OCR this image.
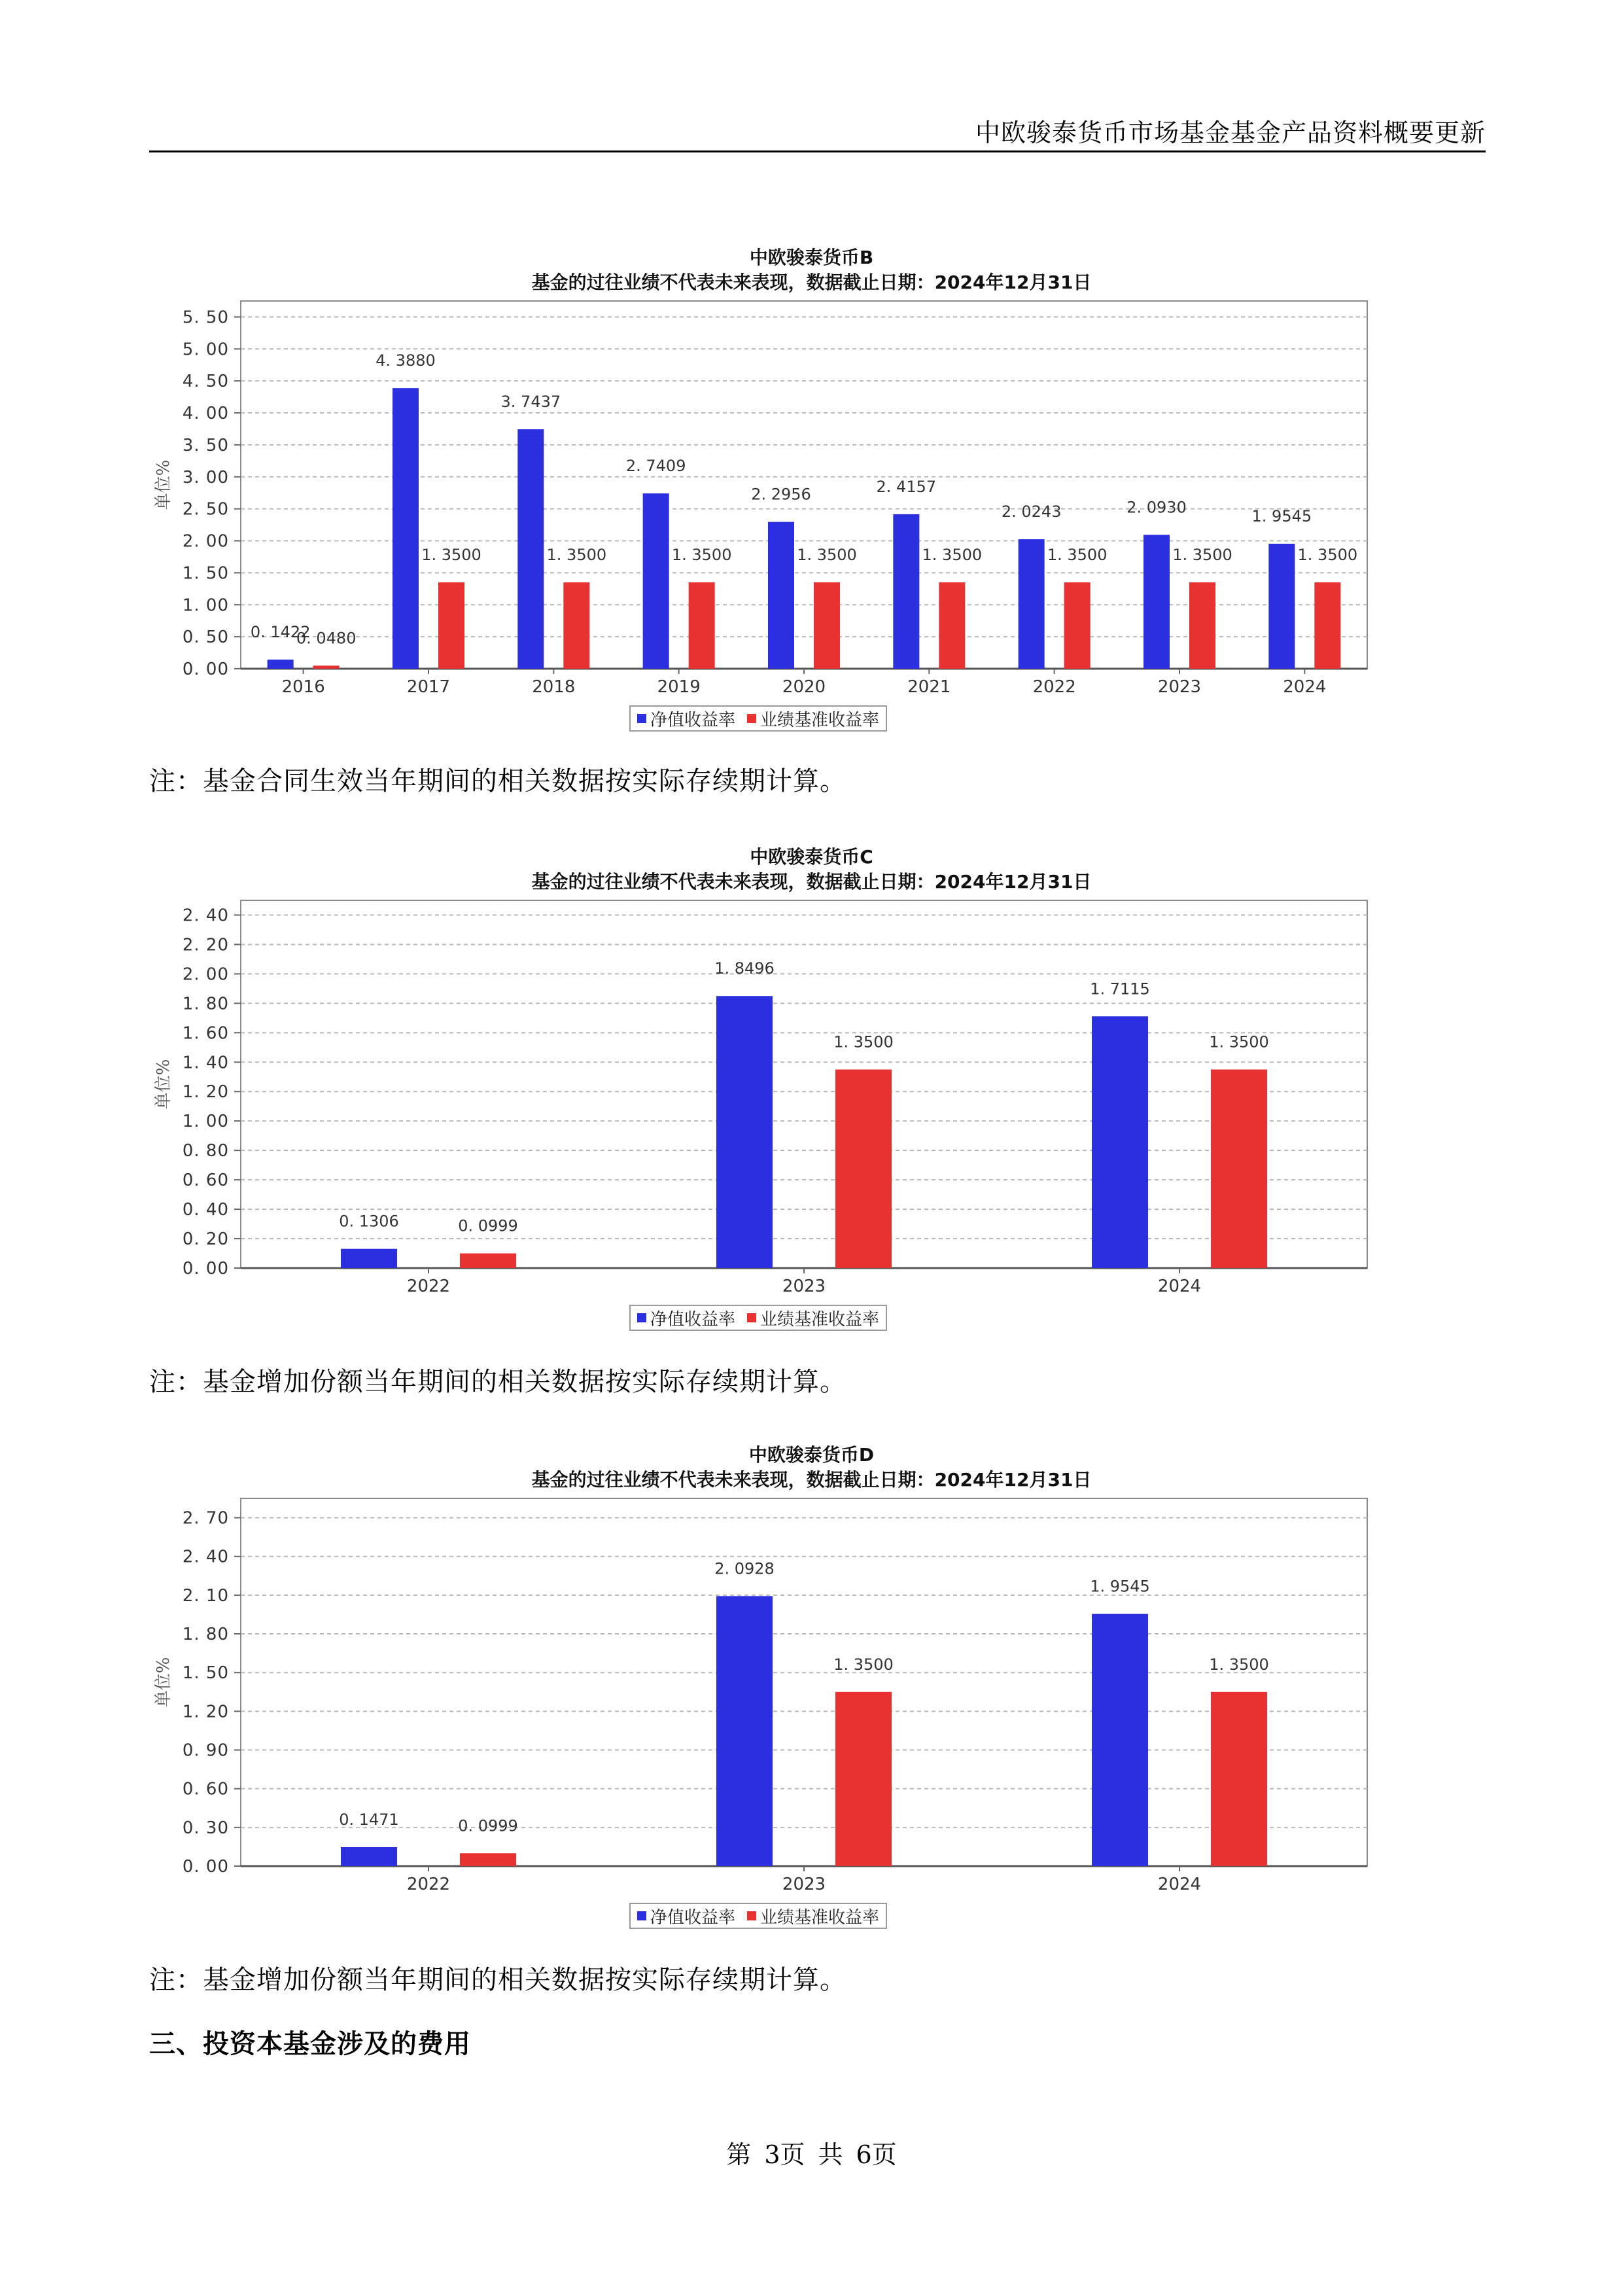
中欧骏泰货币市场基金基金产品资料概要更新
中欧骏泰货币B
基金的过往业绩不代表未来表现，数据截止日期：2024年12月31日
0. 00
0. 50
1. 00
1. 50
2. 00
2. 50
3. 00
3. 50
4. 00
4. 50
5. 00
5. 50
单位%
0. 1422
0. 0480
2016
4. 3880
1. 3500
2017
3. 7437
1. 3500
2018
2. 7409
1. 3500
2019
2. 2956
1. 3500
2020
2. 4157
1. 3500
2021
2. 0243
1. 3500
2022
2. 0930
1. 3500
2023
1. 9545
1. 3500
2024
净值收益率 业绩基准收益率
注：基金合同生效当年期间的相关数据按实际存续期计算。
中欧骏泰货币C
基金的过往业绩不代表未来表现，数据截止日期：2024年12月31日
0. 00
0. 20
0. 40
0. 60
0. 80
1. 00
1. 20
1. 40
1. 60
1. 80
2. 00
2. 20
2. 40
单位%
0. 1306	0. 0999
2022
1. 8496
1. 3500
2023
1. 7115
1. 3500
2024
净值收益率 业绩基准收益率
注：基金增加份额当年期间的相关数据按实际存续期计算。
中欧骏泰货币D
基金的过往业绩不代表未来表现，数据截止日期：2024年12月31日
0. 00
0. 30
0. 60
0. 90
1. 20
1. 50
1. 80
2. 10
2. 40
2. 70
单位%
0. 1471	0. 0999
2022
2. 0928
1. 3500
2023
1. 9545
1. 3500
2024
净值收益率 业绩基准收益率
注：基金增加份额当年期间的相关数据按实际存续期计算。
三、投资本基金涉及的费用
第 3页 共 6页
